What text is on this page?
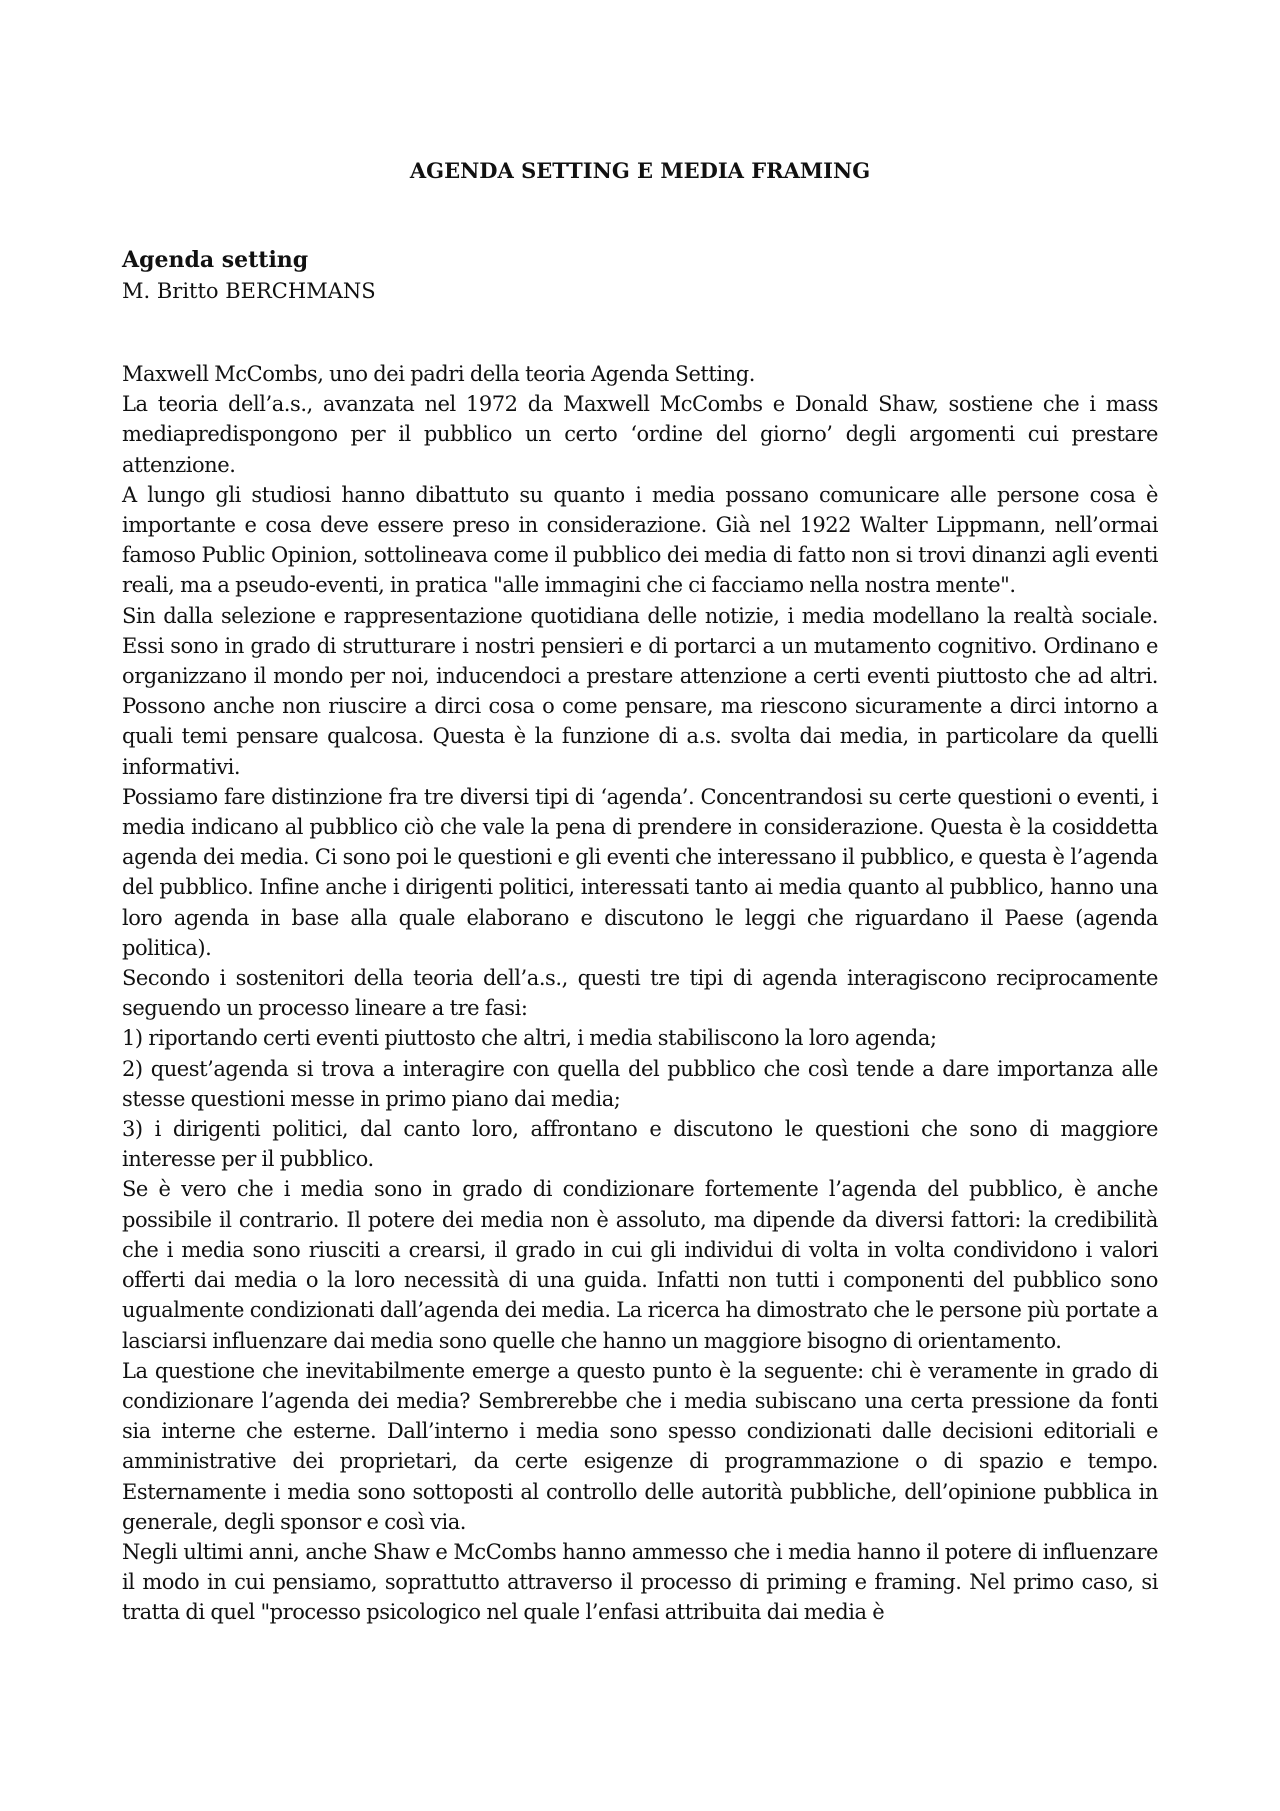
AGENDA SETTING E MEDIA FRAMING
Agenda setting
M. Britto BERCHMANS

Maxwell McCombs, uno dei padri della teoria Agenda Setting.

La teoria dell’a.s., avanzata nel 1972 da Maxwell McCombs e Donald Shaw, sostiene che i mass mediapredispongono per il pubblico un certo ‘ordine del giorno’ degli argomenti cui prestare attenzione.

A lungo gli studiosi hanno dibattuto su quanto i media possano comunicare alle persone cosa è importante e cosa deve essere preso in considerazione. Già nel 1922 Walter Lippmann, nell’ormai famoso Public Opinion, sottolineava come il pubblico dei media di fatto non si trovi dinanzi agli eventi reali, ma a pseudo-eventi, in pratica "alle immagini che ci facciamo nella nostra mente".

Sin dalla selezione e rappresentazione quotidiana delle notizie, i media modellano la realtà sociale. Essi sono in grado di strutturare i nostri pensieri e di portarci a un mutamento cognitivo. Ordinano e organizzano il mondo per noi, inducendoci a prestare attenzione a certi eventi piuttosto che ad altri. Possono anche non riuscire a dirci cosa o come pensare, ma riescono sicuramente a dirci intorno a quali temi pensare qualcosa. Questa è la funzione di a.s. svolta dai media, in particolare da quelli informativi.

Possiamo fare distinzione fra tre diversi tipi di ‘agenda’. Concentrandosi su certe questioni o eventi, i media indicano al pubblico ciò che vale la pena di prendere in considerazione. Questa è la cosiddetta agenda dei media. Ci sono poi le questioni e gli eventi che interessano il pubblico, e questa è l’agenda del pubblico. Infine anche i dirigenti politici, interessati tanto ai media quanto al pubblico, hanno una loro agenda in base alla quale elaborano e discutono le leggi che riguardano il Paese (agenda politica).

Secondo i sostenitori della teoria dell’a.s., questi tre tipi di agenda interagiscono reciprocamente seguendo un processo lineare a tre fasi:

1) riportando certi eventi piuttosto che altri, i media stabiliscono la loro agenda;

2) quest’agenda si trova a interagire con quella del pubblico che così tende a dare importanza alle stesse questioni messe in primo piano dai media;

3) i dirigenti politici, dal canto loro, affrontano e discutono le questioni che sono di maggiore interesse per il pubblico.

Se è vero che i media sono in grado di condizionare fortemente l’agenda del pubblico, è anche possibile il contrario. Il potere dei media non è assoluto, ma dipende da diversi fattori: la credibilità che i media sono riusciti a crearsi, il grado in cui gli individui di volta in volta condividono i valori offerti dai media o la loro necessità di una guida. Infatti non tutti i componenti del pubblico sono ugualmente condizionati dall’agenda dei media. La ricerca ha dimostrato che le persone più portate a lasciarsi influenzare dai media sono quelle che hanno un maggiore bisogno di orientamento.

La questione che inevitabilmente emerge a questo punto è la seguente: chi è veramente in grado di condizionare l’agenda dei media? Sembrerebbe che i media subiscano una certa pressione da fonti sia interne che esterne. Dall’interno i media sono spesso condizionati dalle decisioni editoriali e amministrative dei proprietari, da certe esigenze di programmazione o di spazio e tempo. Esternamente i media sono sottoposti al controllo delle autorità pubbliche, dell’opinione pubblica in generale, degli sponsor e così via.

Negli ultimi anni, anche Shaw e McCombs hanno ammesso che i media hanno il potere di influenzare il modo in cui pensiamo, soprattutto attraverso il processo di priming e framing. Nel primo caso, si tratta di quel "processo psicologico nel quale l’enfasi attribuita dai media è
